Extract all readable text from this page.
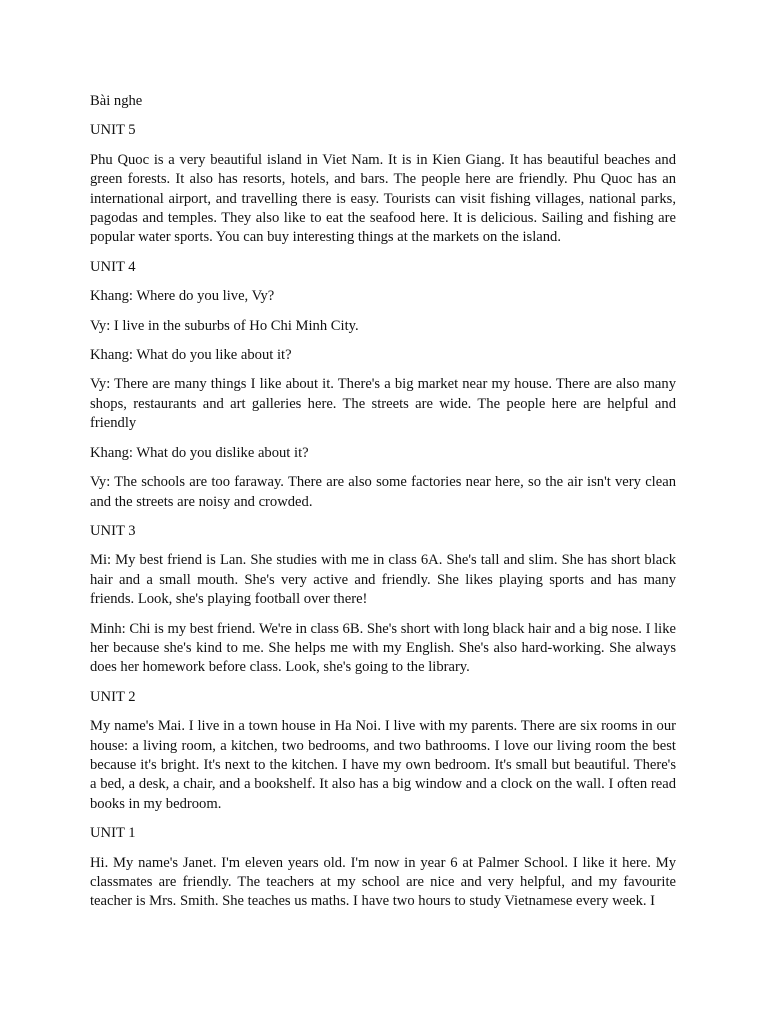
Bài nghe

UNIT 5

Phu Quoc is a very beautiful island in Viet Nam. It is in Kien Giang. It has beautiful beaches and green forests. It also has resorts, hotels, and bars. The people here are friendly. Phu Quoc has an international airport, and travelling there is easy. Tourists can visit fishing villages, national parks, pagodas and temples. They also like to eat the seafood here. It is delicious. Sailing and fishing are popular water sports. You can buy interesting things at the markets on the island.

UNIT 4

Khang: Where do you live, Vy?

Vy: I live in the suburbs of Ho Chi Minh City.

Khang: What do you like about it?

Vy: There are many things I like about it. There's a big market near my house. There are also many shops, restaurants and art galleries here. The streets are wide. The people here are helpful and friendly

Khang: What do you dislike about it?

Vy: The schools are too faraway. There are also some factories near here, so the air isn't very clean and the streets are noisy and crowded.

UNIT 3

Mi: My best friend is Lan. She studies with me in class 6A. She's tall and slim. She has short black hair and a small mouth. She's very active and friendly. She likes playing sports and has many friends. Look, she's playing football over there!

Minh: Chi is my best friend. We're in class 6B. She's short with long black hair and a big nose. I like her because she's kind to me. She helps me with my English. She's also hard-working. She always does her homework before class. Look, she's going to the library.

UNIT 2

My name's Mai. I live in a town house in Ha Noi. I live with my parents. There are six rooms in our house: a living room, a kitchen, two bedrooms, and two bathrooms. I love our living room the best because it's bright. It's next to the kitchen. I have my own bedroom. It's small but beautiful. There's a bed, a desk, a chair, and a bookshelf. It also has a big window and a clock on the wall. I often read books in my bedroom.

UNIT 1

Hi. My name's Janet. I'm eleven years old. I'm now in year 6 at Palmer School. I like it here. My classmates are friendly. The teachers at my school are nice and very helpful, and my favourite teacher is Mrs. Smith. She teaches us maths. I have two hours to study Vietnamese every week. I
